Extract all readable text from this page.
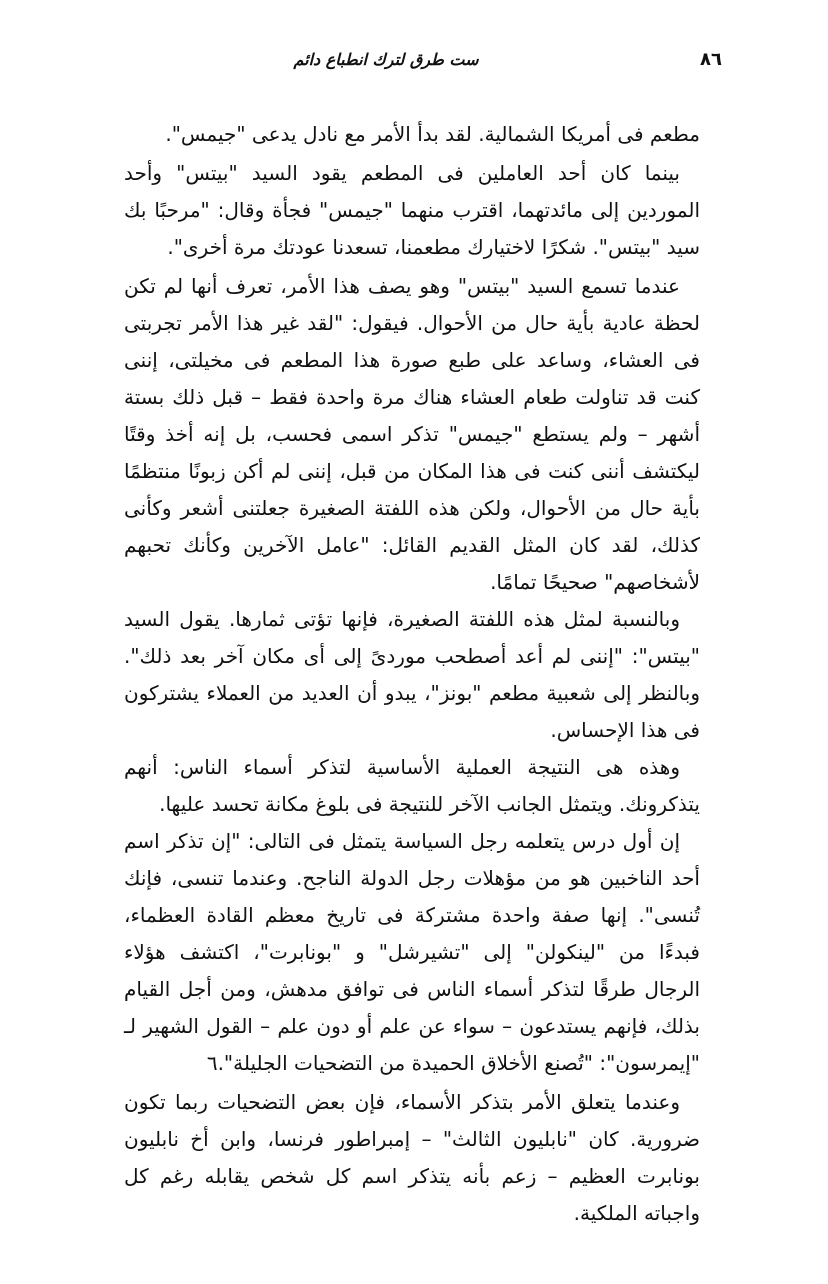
٨٦
ست طرق لترك انطباع دائم

مطعم فى أمريكا الشمالية. لقد بدأ الأمر مع نادل يدعى "جيمس".

بينما كان أحد العاملين فى المطعم يقود السيد "بيتس" وأحد الموردين إلى مائدتهما، اقترب منهما "جيمس" فجأة وقال: "مرحبًا بك سيد "بيتس". شكرًا لاختيارك مطعمنا، تسعدنا عودتك مرة أخرى".

عندما تسمع السيد "بيتس" وهو يصف هذا الأمر، تعرف أنها لم تكن لحظة عادية بأية حال من الأحوال. فيقول: "لقد غير هذا الأمر تجربتى فى العشاء، وساعد على طبع صورة هذا المطعم فى مخيلتى، إننى كنت قد تناولت طعام العشاء هناك مرة واحدة فقط – قبل ذلك بستة أشهر – ولم يستطع "جيمس" تذكر اسمى فحسب، بل إنه أخذ وقتًا ليكتشف أننى كنت فى هذا المكان من قبل، إننى لم أكن زبونًا منتظمًا بأية حال من الأحوال، ولكن هذه اللفتة الصغيرة جعلتنى أشعر وكأنى كذلك، لقد كان المثل القديم القائل: "عامل الآخرين وكأنك تحبهم لأشخاصهم" صحيحًا تمامًا.

وبالنسبة لمثل هذه اللفتة الصغيرة، فإنها تؤتى ثمارها. يقول السيد "بيتس": "إننى لم أعد أصطحب موردىً إلى أى مكان آخر بعد ذلك". وبالنظر إلى شعبية مطعم "بونز"، يبدو أن العديد من العملاء يشتركون فى هذا الإحساس.

وهذه هى النتيجة العملية الأساسية لتذكر أسماء الناس: أنهم يتذكرونك. ويتمثل الجانب الآخر للنتيجة فى بلوغ مكانة تحسد عليها.

إن أول درس يتعلمه رجل السياسة يتمثل فى التالى: "إن تذكر اسم أحد الناخبين هو من مؤهلات رجل الدولة الناجح. وعندما تنسى، فإنك تُنسى". إنها صفة واحدة مشتركة فى تاريخ معظم القادة العظماء، فبدءًا من "لينكولن" إلى "تشيرشل" و "بونابرت"، اكتشف هؤلاء الرجال طرقًا لتذكر أسماء الناس فى توافق مدهش، ومن أجل القيام بذلك، فإنهم يستدعون – سواء عن علم أو دون علم – القول الشهير لـ "إيمرسون": "تُصنع الأخلاق الحميدة من التضحيات الجليلة".٦

وعندما يتعلق الأمر بتذكر الأسماء، فإن بعض التضحيات ربما تكون ضرورية. كان "نابليون الثالث" – إمبراطور فرنسا، وابن أخ نابليون بونابرت العظيم – زعم بأنه يتذكر اسم كل شخص يقابله رغم كل واجباته الملكية.
